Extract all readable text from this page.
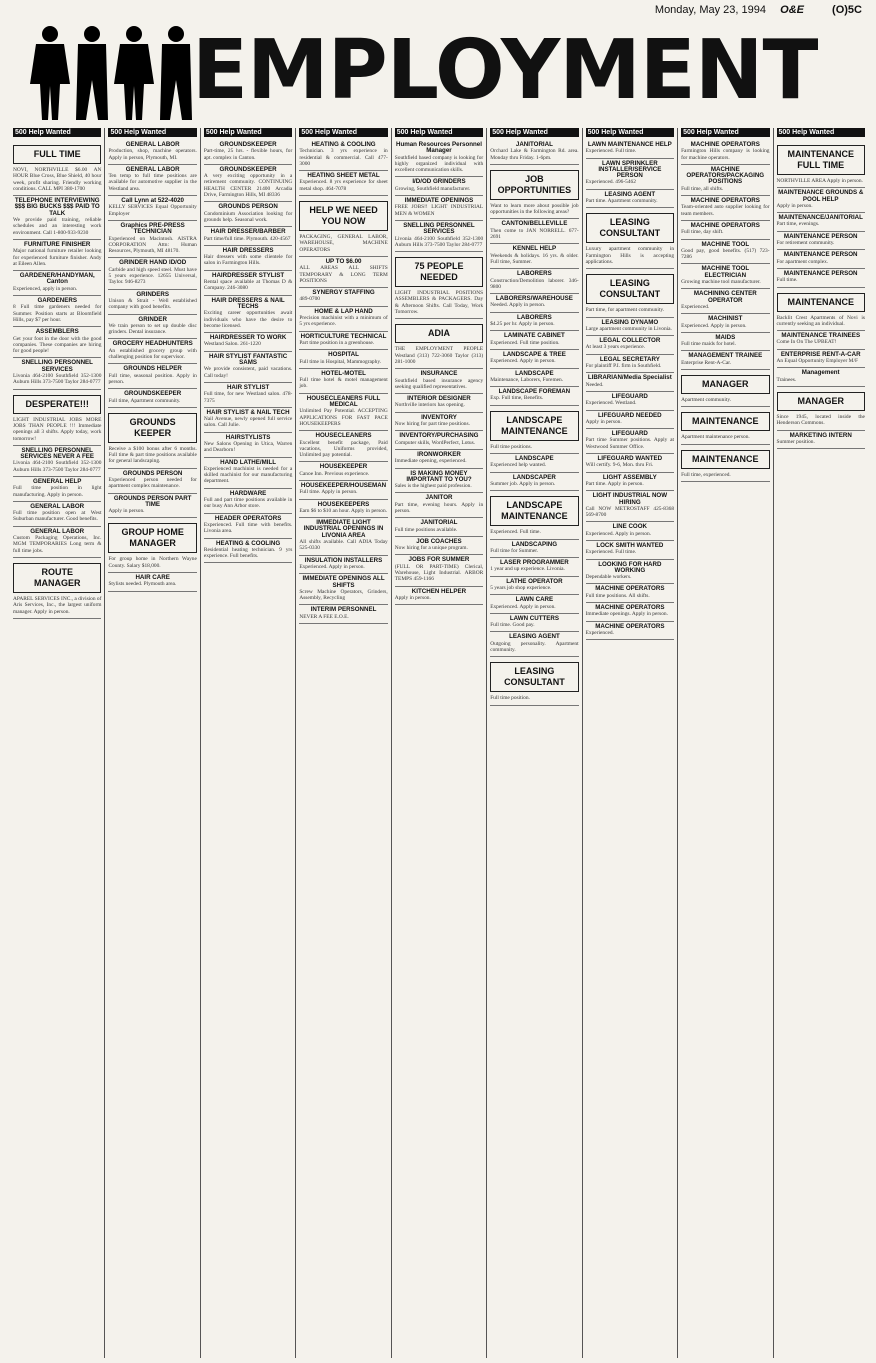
Monday, May 23, 1994 O&E	(O)5C
EMPLOYMENT
500 Help Wanted
FULL TIME
NOVI, NORTHVILLE $6.00 AN HOUR Blue Cross, Blue Shield, 40 hour week, profit sharing. Friendly working conditions. CALL MPI 380-1700
TELEPHONE INTERVIEWING $$$ BIG BUCKS $$$ PAID TO TALK
We provide paid training, reliable schedules and an interesting work environment. Call 1-800-933-9230
FURNITURE FINISHER
Major national furniture retailer looking for experienced furniture finisher. Andy at Eileen Allen.
GARDENER/HANDYMAN, Canton
Experienced, apply in person.
GARDENERS
8 Full time gardeners needed for Summer. Position starts at Bloomfield Hills, pay $7 per hour.
ASSEMBLERS
Get your foot in the door with the good companies. These companies are hiring for good people!
SNELLING PERSONNEL SERVICES
Livonia 464-2100 Southfield 352-1300 Auburn Hills 373-7500 Taylor 284-0777
DESPERATE!!!
LIGHT INDUSTRIAL JOBS MORE JOBS THAN PEOPLE !!! Immediate openings all 3 shifts. Apply today, work tomorrow!
SNELLING PERSONNEL SERVICES NEVER A FEE
Livonia 464-2100 Southfield 352-1300 Auburn Hills 373-7500 Taylor 284-0777
GENERAL HELP
Full time position in light manufacturing. Apply in person.
GENERAL LABOR
Full time position open at West Suburban manufacturer. Good benefits.
GENERAL LABOR
Custom Packaging Operations, Inc. MGM TEMPORARIES Long term & full time jobs.
ROUTE MANAGER
APAREL SERVICES INC., a division of Aris Services, Inc., the largest uniform manager. Apply in person.
500 Help Wanted
GENERAL LABOR
Production, shop, machine operators. Apply in person, Plymouth, MI.
GENERAL LABOR
Ten temp to full time positions are available for automotive supplier in the Westland area.
Call Lynn at 522-4020
KELLY SERVICES Equal Opportunity Employer
Graphics PRE-PRESS TECHNICIAN
Experienced on Macintosh. AISTRA CORPORATION Attn: Human Resources, Plymouth, MI 48170.
GRINDER HAND ID/OD
Carbide and high speed steel. Must have 5 years experience. 12655 Universal, Taylor. 946-8273
GRINDERS
Unison & Strait - Well established company with good benefits.
GRINDER
We train person to set up double disc grinders. Dental insurance.
GROCERY HEADHUNTERS
An established grocery group with challenging position for supervisor.
GROUNDS HELPER
Full time, seasonal position. Apply in person.
GROUNDSKEEPER
Full time, Apartment community.
GROUNDS KEEPER
Receive a $100 bonus after 6 months. Full time & part time positions available for general landscaping.
GROUNDS PERSON
Experienced person needed for apartment complex maintenance.
GROUNDS PERSON PART TIME
Apply in person.
GROUP HOME MANAGER
For group home in Northern Wayne County. Salary $18,000.
HAIR CARE
Stylists needed. Plymouth area.
500 Help Wanted
GROUNDSKEEPER
Part-time, 25 hrs. - flexible hours, for apt. complex in Canton.
GROUNDSKEEPER
A very exciting opportunity in a retirement community. CONTINUING HEALTH CENTER 21400 Arcadia Drive, Farmington Hills, MI 48336
GROUNDS PERSON
Condominium Association looking for grounds help. Seasonal work.
HAIR DRESSER/BARBER
Part time/full time. Plymouth. 420-4567
HAIR DRESSERS
Hair dressers with some clientele for salon in Farmington Hills.
HAIRDRESSER STYLIST
Rental space available at Thomas D & Company. 246-3080
HAIR DRESSERS & NAIL TECHS
Exciting career opportunities await individuals who have the desire to become licensed.
HAIRDRESSER TO WORK
Westland Salon. 261-1220
HAIR STYLIST FANTASTIC SAMS
We provide consistent, paid vacations. Call today!
HAIR STYLIST
Full time, for new Westland salon. 478-7375
HAIR STYLIST & NAIL TECH
Nail Avenue, newly opened full service salon. Call Julie.
HAIRSTYLISTS
New Salons Opening in Utica, Warren and Dearborn!
HAND LATHE/MILL
Experienced machinist is needed for a skilled machinist for our manufacturing department.
HARDWARE
Full and part time positions available in our busy Ann Arbor store.
HEADER OPERATORS
Experienced. Full time with benefits. Livonia area.
HEATING & COOLING
Residential heating technician. 9 yrs experience. Full benefits.
500 Help Wanted
HEATING & COOLING
Technician. 3 yrs experience in residential & commercial. Call 477-3000
HEATING SHEET METAL
Experienced. 8 yrs experience for sheet metal shop. 464-7078
HELP WE NEED YOU NOW
PACKAGING, GENERAL LABOR, WAREHOUSE, MACHINE OPERATORS
UP TO $6.00
ALL AREAS ALL SHIFTS TEMPORARY & LONG TERM POSITIONS
SYNERGY STAFFING
489-0700
HOME & LAP HAND
Precision machinist with a minimum of 5 yrs experience.
HORTICULTURE TECHNICAL
Part time position in a greenhouse.
HOSPITAL
Full time in Hospital, Mammography.
HOTEL-MOTEL
Full time hotel & motel management job.
HOUSECLEANERS FULL MEDICAL
Unlimited Pay Potential. ACCEPTING APPLICATIONS FOR FAST PACE HOUSEKEEPERS
HOUSECLEANERS
Excellent benefit package, Paid vacations, Uniforms provided, Unlimited pay potential.
HOUSEKEEPER
Canoe Inn. Previous experience.
HOUSEKEEPER/HOUSEMAN
Full time. Apply in person.
HOUSEKEEPERS
Earn $6 to $10 an hour. Apply in person.
IMMEDIATE LIGHT INDUSTRIAL OPENINGS IN LIVONIA AREA
All shifts available. Call ADIA Today 525-0330
INSULATION INSTALLERS
Experienced. Apply in person.
IMMEDIATE OPENINGS ALL SHIFTS
Screw Machine Operators, Grinders, Assembly, Recycling
INTERIM PERSONNEL
NEVER A FEE E.O.E.
500 Help Wanted
Human Resources Personnel Manager
Southfield based company is looking for highly organized individual with excellent communication skills.
I/D/OD GRINDERS
Growing, Southfield manufacturer.
IMMEDIATE OPENINGS
FREE JOBS!! LIGHT INDUSTRIAL MEN & WOMEN
SNELLING PERSONNEL SERVICES
Livonia 464-2100 Southfield 352-1300 Auburn Hills 373-7500 Taylor 284-0777
75 PEOPLE NEEDED
LIGHT INDUSTRIAL POSITIONS ASSEMBLERS & PACKAGERS. Day & Afternoon Shifts. Call Today, Work Tomorrow.
ADIA
THE EMPLOYMENT PEOPLE Westland (313) 722-3060 Taylor (313) 281-1000
INSURANCE
Southfield based insurance agency seeking qualified representatives.
INTERIOR DESIGNER
Northville interiors has opening.
INVENTORY
Now hiring for part time positions.
INVENTORY/PURCHASING
Computer skills, WordPerfect, Lotus.
IRONWORKER
Immediate opening, experienced.
IS MAKING MONEY IMPORTANT TO YOU?
Sales is the highest paid profession.
JANITOR
Part time, evening hours. Apply in person.
JANITORIAL
Full time positions available.
JOB COACHES
Now hiring for a unique program.
JOBS FOR SUMMER
(FULL OR PART-TIME) Clerical, Warehouse, Light Industrial. ARBOR TEMPS 459-1166
KITCHEN HELPER
Apply in person.
500 Help Wanted
JANITORIAL
Orchard Lake & Farmington Rd. area. Monday thru Friday. 1-6pm.
JOB OPPORTUNITIES
Want to learn more about possible job opportunities in the following areas?
CANTON/BELLEVILLE
Then come to JAN NORRELL. 677-2691
KENNEL HELP
Weekends & holidays. 16 yrs. & older. Full time, Summer.
LABORERS
Construction/Demolition laborer. 346-9800
LABORERS/WAREHOUSE
Needed. Apply in person.
LABORERS
$4.25 per hr. Apply in person.
LAMINATE CABINET
Experienced. Full time position.
LANDSCAPE & TREE
Experienced. Apply in person.
LANDSCAPE
Maintenance, Laborers, Foremen.
LANDSCAPE FOREMAN
Exp. Full time, Benefits.
LANDSCAPE MAINTENANCE
Full time positions.
LANDSCAPE
Experienced help wanted.
LANDSCAPER
Summer job. Apply in person.
LANDSCAPE MAINTENANCE
Experienced. Full time.
LANDSCAPING
Full time for Summer.
LASER PROGRAMMER
1 year and up experience. Livonia.
LATHE OPERATOR
5 years job shop experience.
LAWN CARE
Experienced. Apply in person.
LAWN CUTTERS
Full time. Good pay.
LEASING AGENT
Outgoing personality. Apartment community.
LEASING CONSULTANT
Full time position.
500 Help Wanted
LAWN MAINTENANCE HELP
Experienced. Full time.
LAWN SPRINKLER INSTALLER/SERVICE PERSON
Experienced. 496-5462
LEASING AGENT
Part time. Apartment community.
LEASING CONSULTANT
Luxury apartment community in Farmington Hills is accepting applications.
LEASING CONSULTANT
Part time, for apartment community.
LEASING DYNAMO
Large apartment community in Livonia.
LEGAL COLLECTOR
At least 3 years experience.
LEGAL SECRETARY
For plaintiff P.I. firm in Southfield.
LIBRARIAN/Media Specialist
Needed.
LIFEGUARD
Experienced. Westland.
LIFEGUARD NEEDED
Apply in person.
LIFEGUARD
Part time Summer positions. Apply at Westwood Summer Office.
LIFEGUARD WANTED
Will certify. 9-6, Mon. thru Fri.
LIGHT ASSEMBLY
Part time. Apply in person.
LIGHT INDUSTRIAL NOW HIRING
Call NOW METROSTAFF 425-8368 569-8700
LINE COOK
Experienced. Apply in person.
LOCK SMITH WANTED
Experienced. Full time.
LOOKING FOR HARD WORKING
Dependable workers.
MACHINE OPERATORS
Full time positions. All shifts.
MACHINE OPERATORS
Immediate openings. Apply in person.
MACHINE OPERATORS
Experienced.
500 Help Wanted
MACHINE OPERATORS
Farmington Hills company is looking for machine operators.
MACHINE OPERATORS/PACKAGING POSITIONS
Full time, all shifts.
MACHINE OPERATORS
Team-oriented auto supplier looking for team members.
MACHINE OPERATORS
Full time, day shift.
MACHINE TOOL
Good pay, good benefits. (517) 723-7286
MACHINE TOOL ELECTRICIAN
Growing machine tool manufacturer.
MACHINING CENTER OPERATOR
Experienced.
MACHINIST
Experienced. Apply in person.
MAIDS
Full time maids for hotel.
MANAGEMENT TRAINEE
Enterprise Rent-A-Car.
MANAGER
Apartment community.
MAINTENANCE
Apartment maintenance person.
MAINTENANCE
Full time, experienced.
500 Help Wanted
MAINTENANCE FULL TIME
NORTHVILLE AREA Apply in person.
MAINTENANCE GROUNDS & POOL HELP
Apply in person.
MAINTENANCE/JANITORIAL
Part time, evenings.
MAINTENANCE PERSON
For retirement community.
MAINTENANCE PERSON
For apartment complex.
MAINTENANCE PERSON
Full time.
MAINTENANCE
Backlit Crest Apartments of Novi is currently seeking an individual.
MAINTENANCE TRAINEES
Come In On The UPBEAT!
ENTERPRISE RENT-A-CAR
An Equal Opportunity Employer M/F
Management
Trainees.
MANAGER
Since 1945, located inside the Henderson Commons.
MARKETING INTERN
Summer position.
